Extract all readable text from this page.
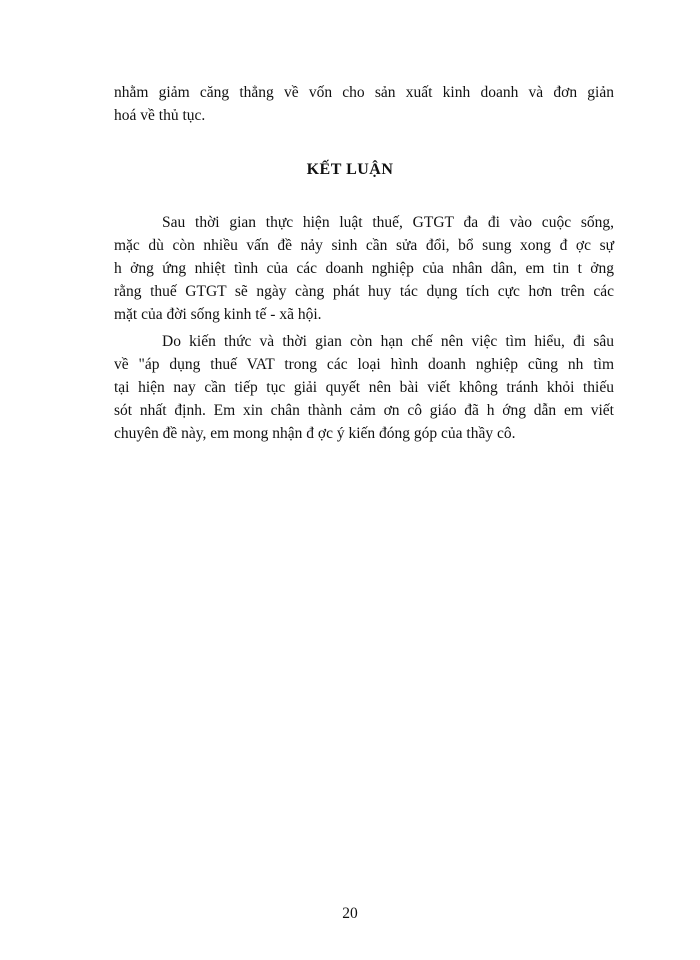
nhằm giảm căng thẳng về vốn cho sản xuất kinh doanh và đơn giản
hoá về thủ tục.
KẾT LUẬN
Sau thời gian thực hiện luật thuế, GTGT đa đi vào cuộc sống,
mặc dù còn nhiều vấn đề nảy sinh cần sửa đổi, bổ sung xong đ ợc sự
h ởng ứng nhiệt tình của các doanh nghiệp của nhân dân, em tin t ởng
rằng thuế GTGT sẽ ngày càng phát huy tác dụng tích cực hơn trên các
mặt của đời sống kinh tế - xã hội.
Do kiến thức và thời gian còn hạn chế nên việc tìm hiểu, đi sâu
về "áp dụng thuế VAT trong các loại hình doanh nghiệp cũng nh tìm
tại hiện nay cần tiếp tục giải quyết nên bài viết không tránh khỏi thiếu
sót nhất định. Em xin chân thành cảm ơn cô giáo đã h ớng dẫn em viết
chuyên đề này, em mong nhận đ ợc ý kiến đóng góp của thầy cô.
20
